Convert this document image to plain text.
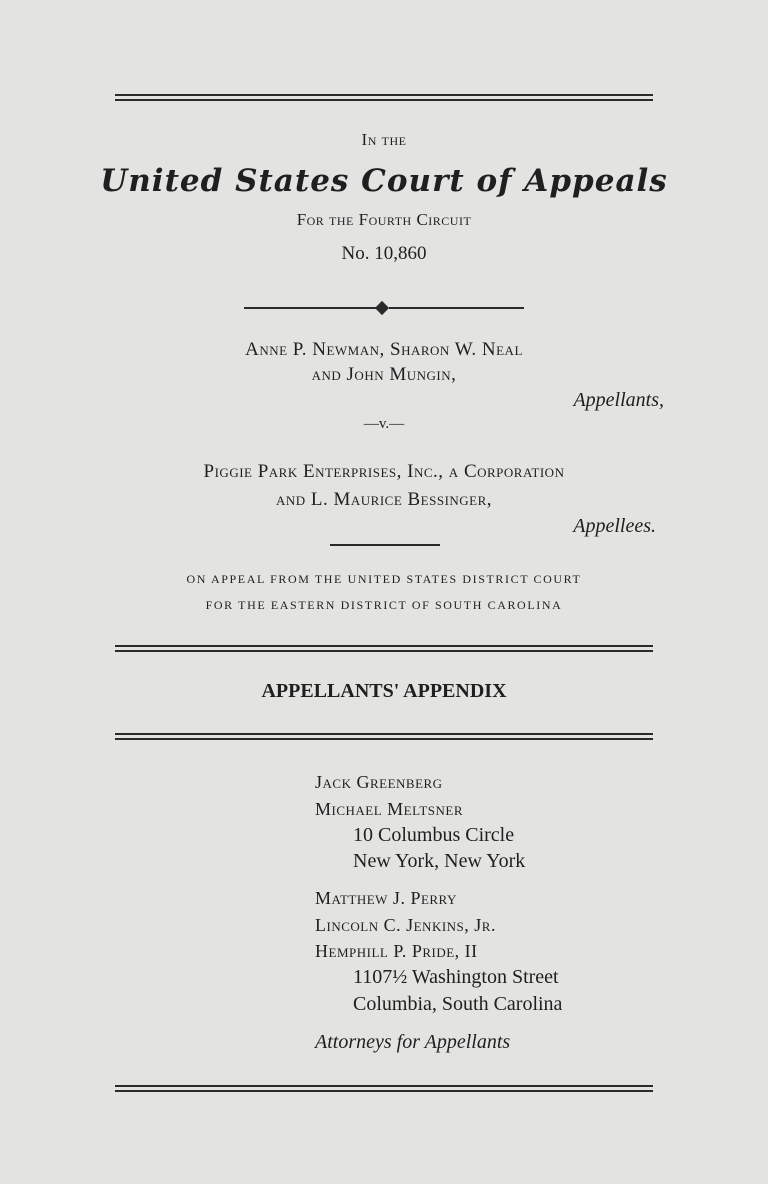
In the
United States Court of Appeals
For the Fourth Circuit
No. 10,860
Anne P. Newman, Sharon W. Neal
and John Mungin,
Appellants,
—v.—
Piggie Park Enterprises, Inc., a Corporation
and L. Maurice Bessinger,
Appellees.
ON APPEAL FROM THE UNITED STATES DISTRICT COURT
FOR THE EASTERN DISTRICT OF SOUTH CAROLINA
APPELLANTS' APPENDIX
Jack Greenberg
Michael Meltsner
10 Columbus Circle
New York, New York
Matthew J. Perry
Lincoln C. Jenkins, Jr.
Hemphill P. Pride, II
1107½ Washington Street
Columbia, South Carolina
Attorneys for Appellants
